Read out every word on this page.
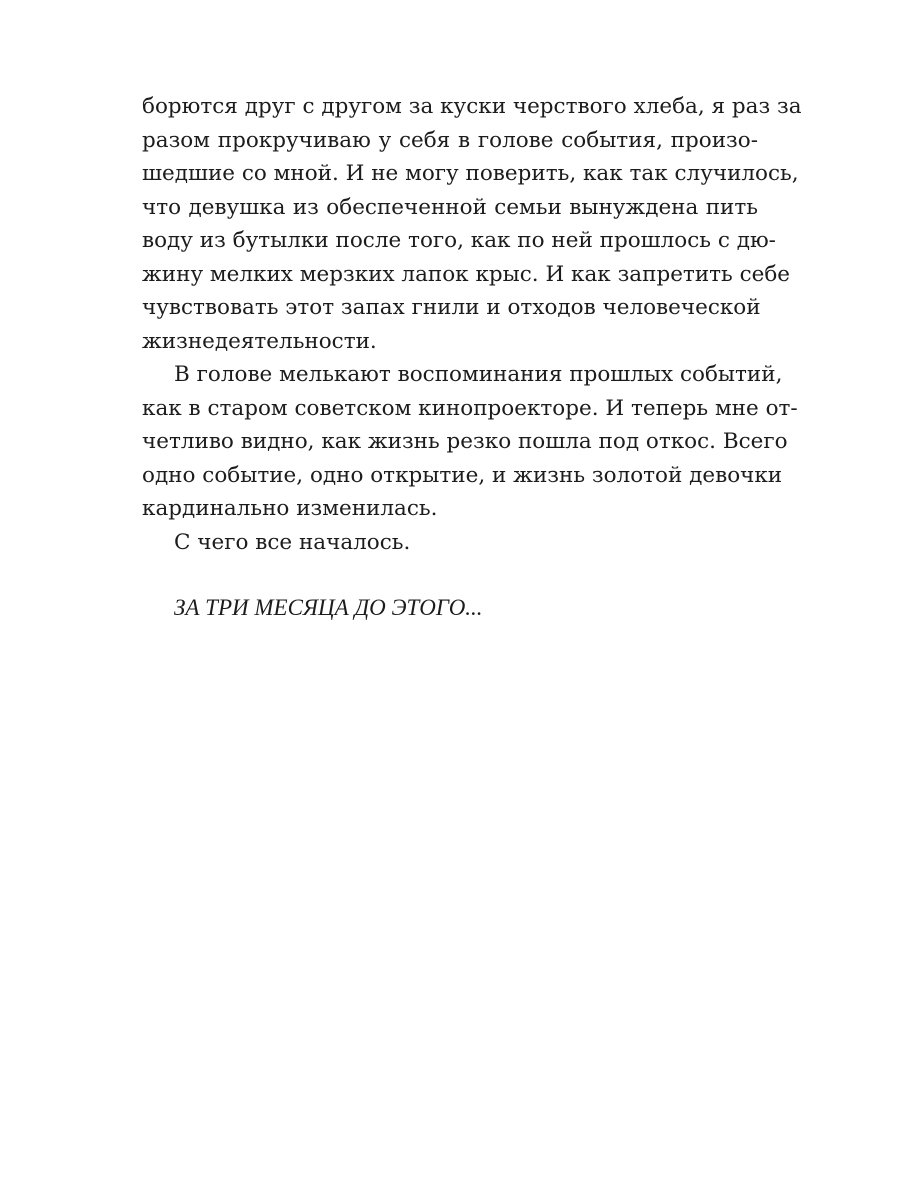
борются друг с другом за куски черствого хлеба, я раз за
разом прокручиваю у себя в голове события, произо-
шедшие со мной. И не могу поверить, как так случилось,
что девушка из обеспеченной семьи вынуждена пить
воду из бутылки после того, как по ней прошлось с дю-
жину мелких мерзких лапок крыс. И как запретить себе
чувствовать этот запах гнили и отходов человеческой
жизнедеятельности.
В голове мелькают воспоминания прошлых событий,
как в старом советском кинопроекторе. И теперь мне от-
четливо видно, как жизнь резко пошла под откос. Всего
одно событие, одно открытие, и жизнь золотой девочки
кардинально изменилась.
С чего все началось.
ЗА ТРИ МЕСЯЦА ДО ЭТОГО...
